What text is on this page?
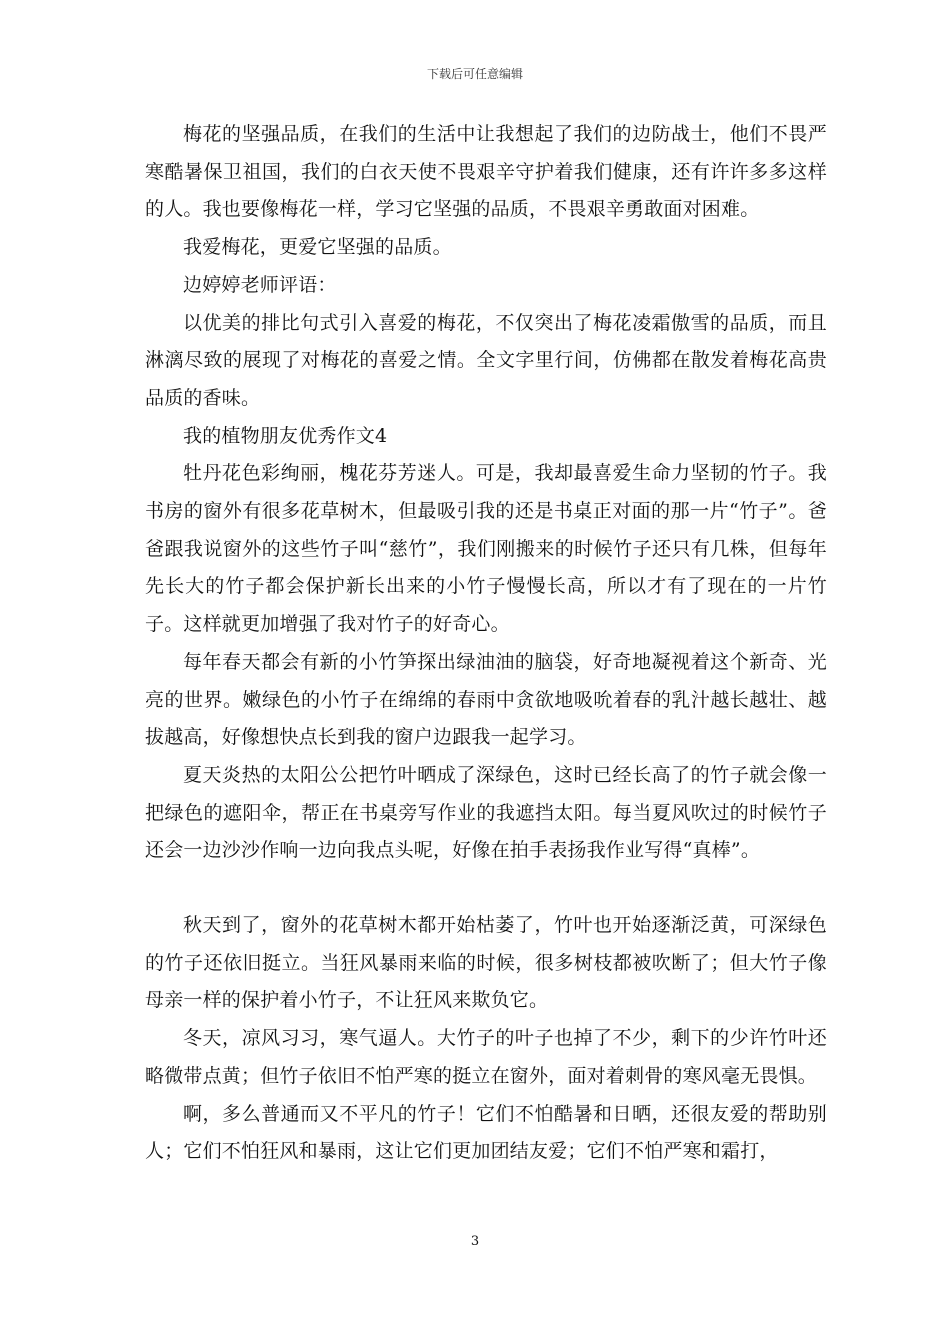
下载后可任意编辑

梅花的坚强品质，在我们的生活中让我想起了我们的边防战士，他们不畏严寒酷暑保卫祖国，我们的白衣天使不畏艰辛守护着我们健康，还有许许多多这样的人。我也要像梅花一样，学习它坚强的品质，不畏艰辛勇敢面对困难。

我爱梅花，更爱它坚强的品质。

边婷婷老师评语：

以优美的排比句式引入喜爱的梅花，不仅突出了梅花凌霜傲雪的品质，而且淋漓尽致的展现了对梅花的喜爱之情。全文字里行间，仿佛都在散发着梅花高贵品质的香味。

我的植物朋友优秀作文4

牡丹花色彩绚丽，槐花芬芳迷人。可是，我却最喜爱生命力坚韧的竹子。我书房的窗外有很多花草树木，但最吸引我的还是书桌正对面的那一片“竹子”。爸爸跟我说窗外的这些竹子叫“慈竹”，我们刚搬来的时候竹子还只有几株，但每年先长大的竹子都会保护新长出来的小竹子慢慢长高，所以才有了现在的一片竹子。这样就更加增强了我对竹子的好奇心。

每年春天都会有新的小竹笋探出绿油油的脑袋，好奇地凝视着这个新奇、光亮的世界。嫩绿色的小竹子在绵绵的春雨中贪欲地吸吮着春的乳汁越长越壮、越拔越高，好像想快点长到我的窗户边跟我一起学习。

夏天炎热的太阳公公把竹叶晒成了深绿色，这时已经长高了的竹子就会像一把绿色的遮阳伞，帮正在书桌旁写作业的我遮挡太阳。每当夏风吹过的时候竹子还会一边沙沙作响一边向我点头呢，好像在拍手表扬我作业写得“真棒”。

秋天到了，窗外的花草树木都开始枯萎了，竹叶也开始逐渐泛黄，可深绿色的竹子还依旧挺立。当狂风暴雨来临的时候，很多树枝都被吹断了；但大竹子像母亲一样的保护着小竹子，不让狂风来欺负它。

冬天，凉风习习，寒气逼人。大竹子的叶子也掉了不少，剩下的少许竹叶还略微带点黄；但竹子依旧不怕严寒的挺立在窗外，面对着刺骨的寒风毫无畏惧。

啊，多么普通而又不平凡的竹子！它们不怕酷暑和日晒，还很友爱的帮助别人；它们不怕狂风和暴雨，这让它们更加团结友爱；它们不怕严寒和霜打，

3
